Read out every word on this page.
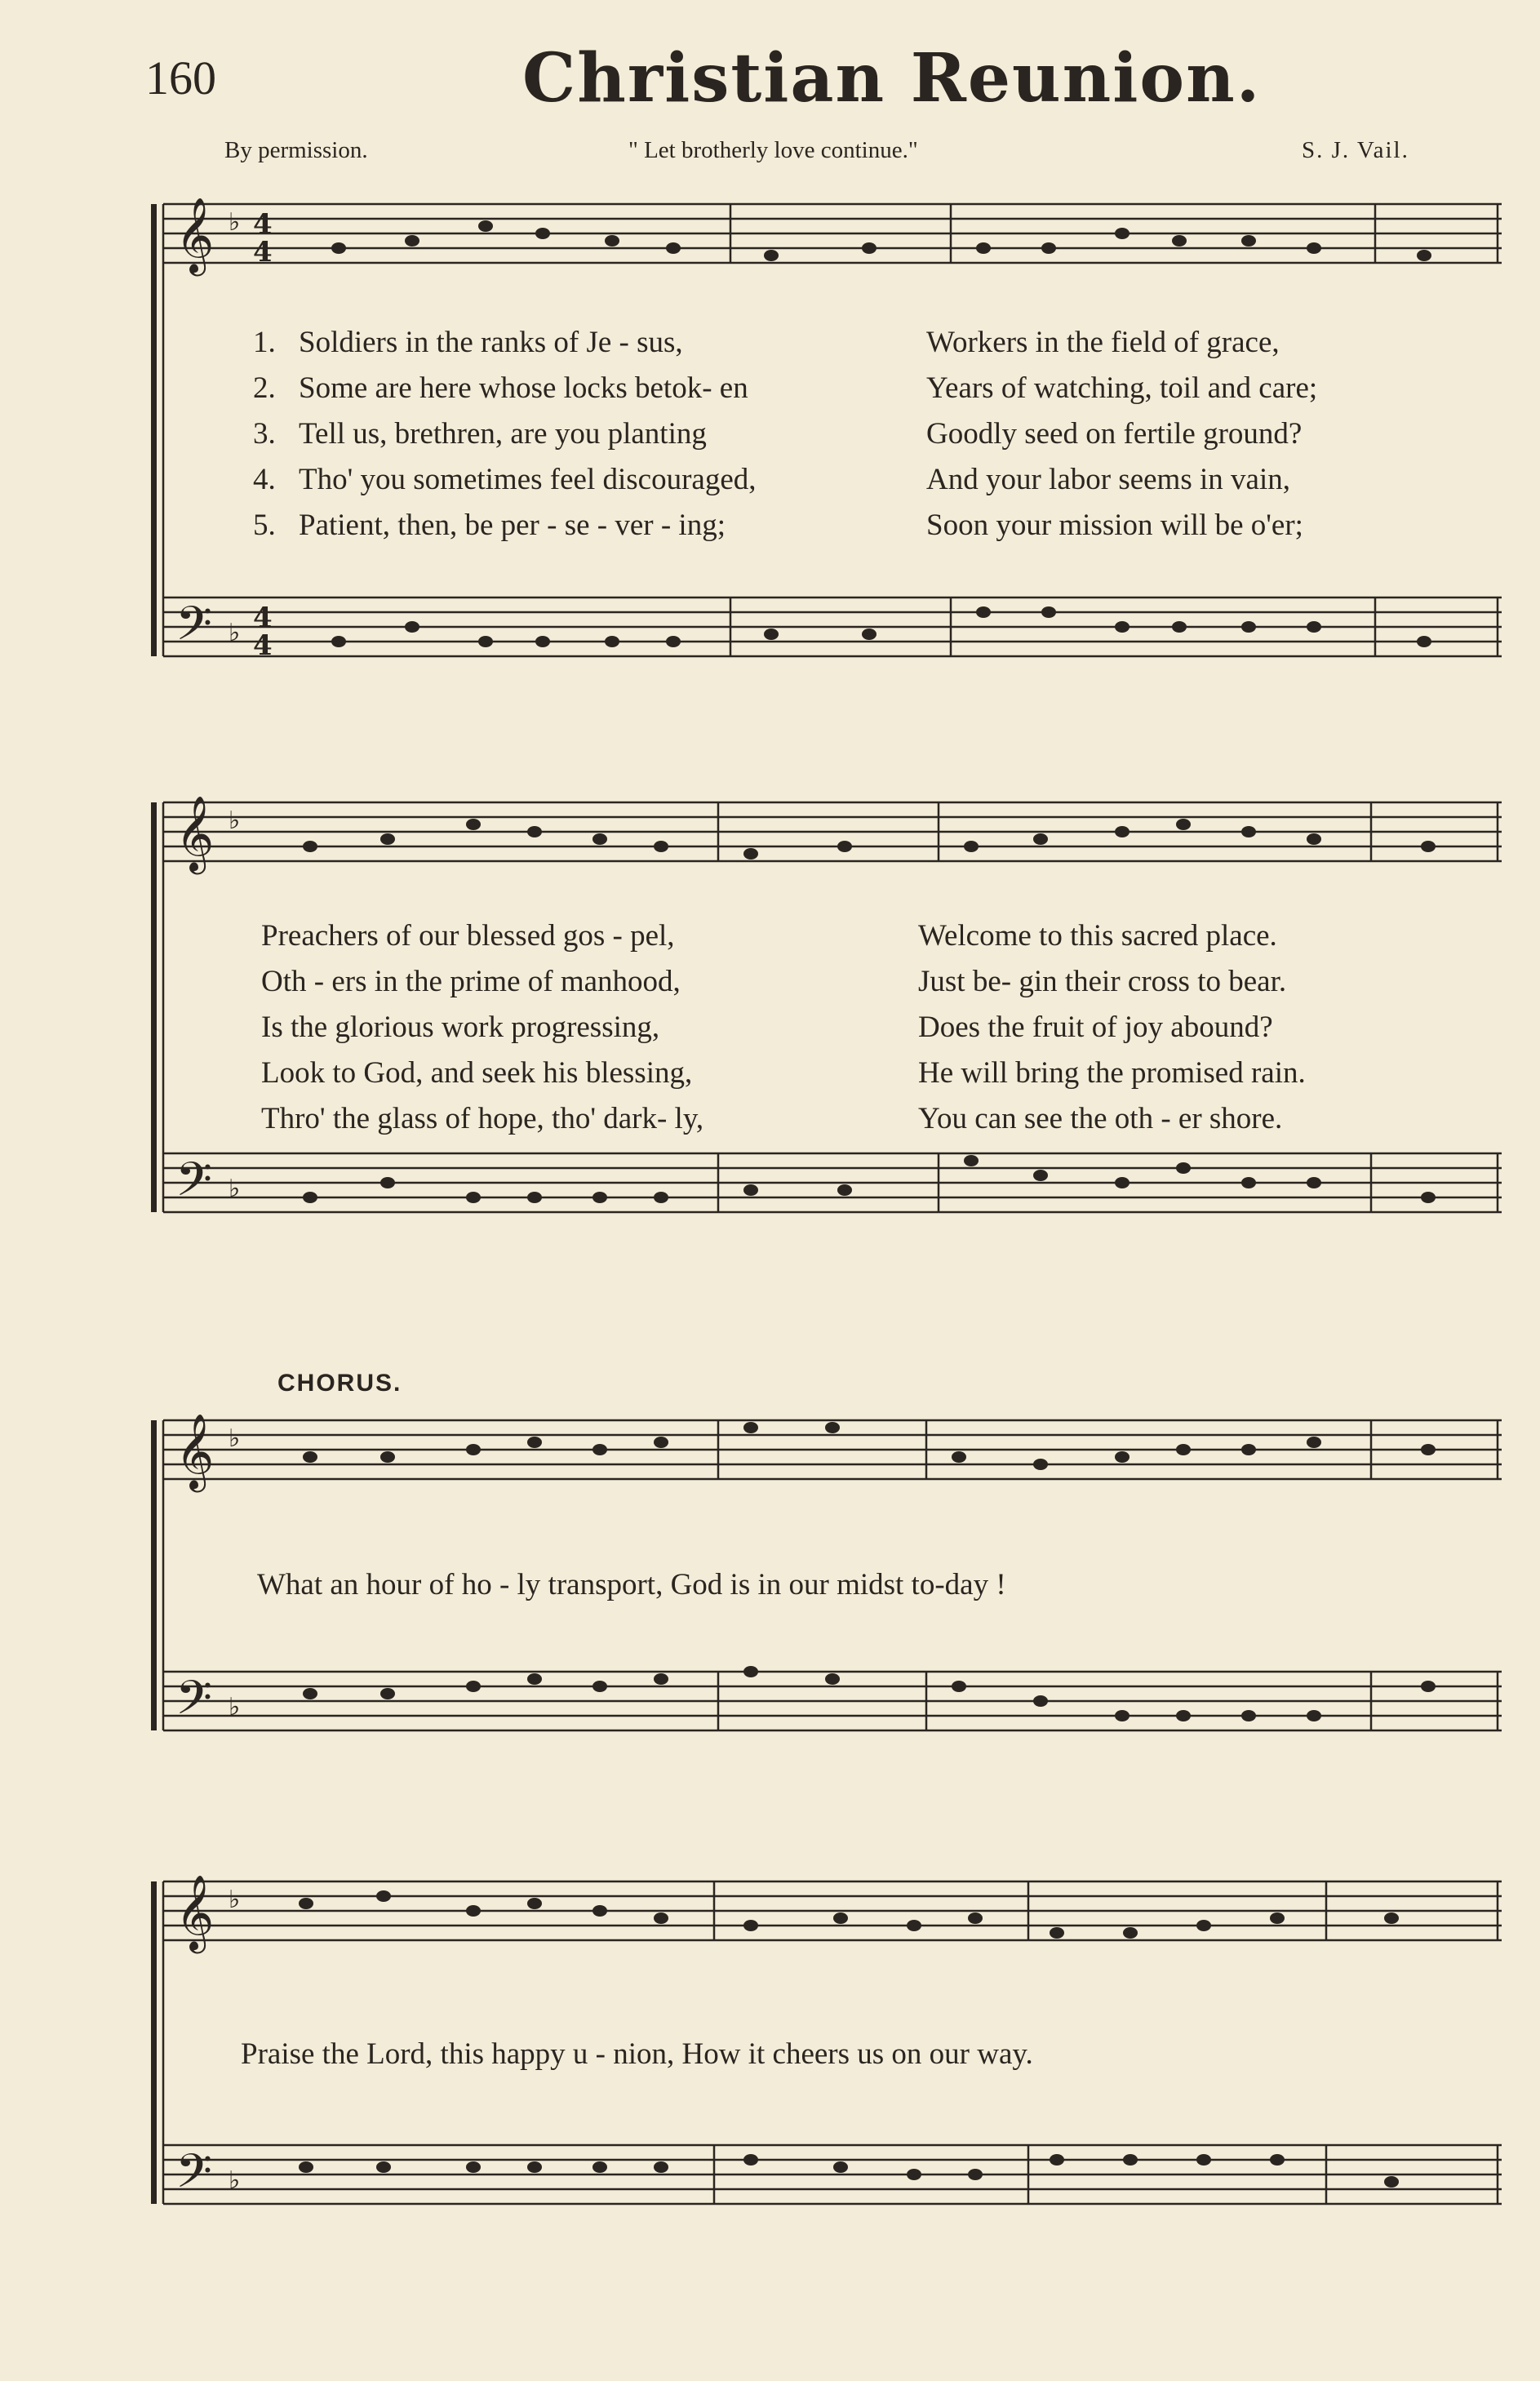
160	Christian Reunion.
By permission.	" Let brotherly love continue."	S. J. Vail.
𝄞
𝄢
♭
♭
4
4
4
4
1. Soldiers in the ranks of Je - sus,	Workers in the field of grace,
2. Some are here whose locks betok- en	Years of watching, toil and care;
3. Tell us, brethren, are you planting	Goodly seed on fertile ground?
4. Tho' you sometimes feel discouraged,	And your labor seems in vain,
5. Patient, then, be per - se - ver - ing;	Soon your mission will be o'er;
𝄞
𝄢
♭
♭
Preachers of our blessed gos - pel,	Welcome to this sacred place.
Oth - ers in the prime of manhood,	Just be- gin their cross to bear.
Is the glorious work progressing,	Does the fruit of joy abound?
Look to God, and seek his blessing,	He will bring the promised rain.
Thro' the glass of hope, tho' dark- ly,	You can see the oth - er shore.
CHORUS.
𝄞
𝄢
♭
♭
What an hour of ho - ly transport, God is in our midst to-day !
𝄞
𝄢
♭
♭
Praise the Lord, this happy u - nion, How it cheers us on our way.
